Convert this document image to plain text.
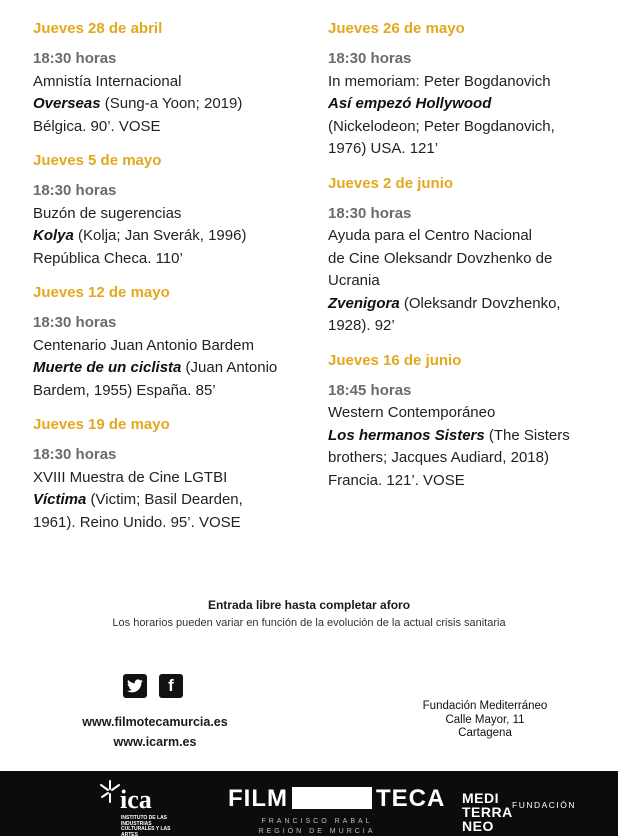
Jueves 28 de abril
18:30 horas
Amnistía Internacional
Overseas (Sung-a Yoon; 2019)
Bélgica. 90’. VOSE
Jueves 5 de mayo
18:30 horas
Buzón de sugerencias
Kolya (Kolja; Jan Sverák, 1996)
República Checa. 110’
Jueves 12 de mayo
18:30 horas
Centenario Juan Antonio Bardem
Muerte de un ciclista (Juan Antonio
Bardem, 1955) España. 85’
Jueves 19 de mayo
18:30 horas
XVIII Muestra de Cine LGTBI
Víctima (Victim; Basil Dearden,
1961). Reino Unido. 95’. VOSE
Jueves 26 de mayo
18:30 horas
In memoriam: Peter Bogdanovich
Así empezó Hollywood
(Nickelodeon; Peter Bogdanovich,
1976) USA. 121’
Jueves 2 de junio
18:30 horas
Ayuda para el Centro Nacional
de Cine Oleksandr Dovzhenko de
Ucrania
Zvenigora (Oleksandr Dovzhenko,
1928). 92’
Jueves 16 de junio
18:45 horas
Western Contemporáneo
Los hermanos Sisters (The Sisters
brothers; Jacques Audiard, 2018)
Francia. 121’. VOSE
Entrada libre hasta completar aforo
Los horarios pueden variar en función de la evolución de la actual crisis sanitaria
f
www.filmotecamurcia.es
www.icarm.es
Fundación Mediterráneo
Calle Mayor, 11
Cartagena
ica
INSTITUTO DE LAS INDUSTRIAS CULTURALES Y LAS ARTES
FILM	TECA
FRANCISCO RABAL
REGIÓN DE MURCIA
MEDI
TERRA
NEO
FUNDACIÓN
